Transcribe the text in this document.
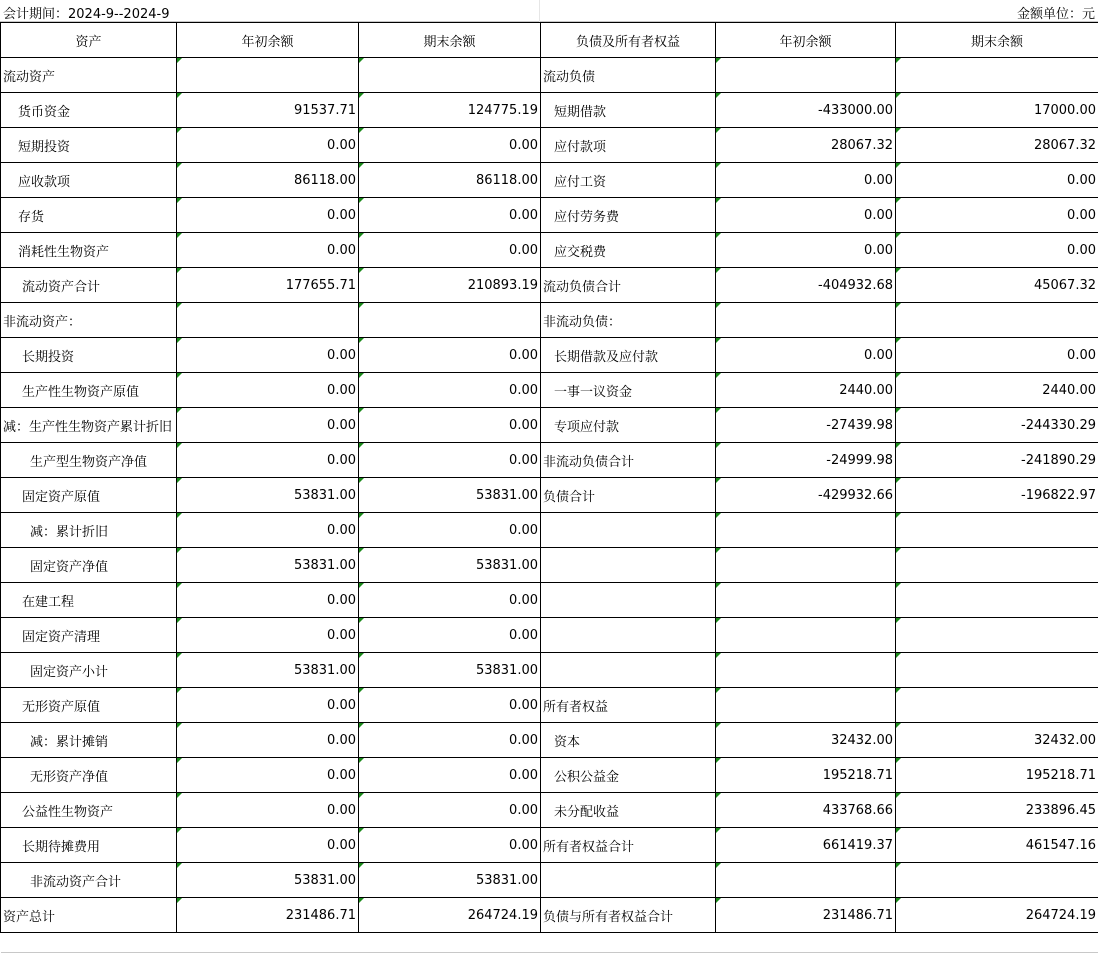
会计期间：2024-9--2024-9	金额单位：元
资产	年初余额	期末余额	负债及所有者权益	年初余额	期末余额
流动资产			流动负债		
货币资金	91537.71	124775.19	短期借款	-433000.00	17000.00
短期投资	0.00	0.00	应付款项	28067.32	28067.32
应收款项	86118.00	86118.00	应付工资	0.00	0.00
存货	0.00	0.00	应付劳务费	0.00	0.00
消耗性生物资产	0.00	0.00	应交税费	0.00	0.00
流动资产合计	177655.71	210893.19	流动负债合计	-404932.68	45067.32
非流动资产：			非流动负债：		
长期投资	0.00	0.00	长期借款及应付款	0.00	0.00
生产性生物资产原值	0.00	0.00	一事一议资金	2440.00	2440.00
减：生产性生物资产累计折旧	0.00	0.00	专项应付款	-27439.98	-244330.29
生产型生物资产净值	0.00	0.00	非流动负债合计	-24999.98	-241890.29
固定资产原值	53831.00	53831.00	负债合计	-429932.66	-196822.97
减：累计折旧	0.00	0.00			
固定资产净值	53831.00	53831.00			
在建工程	0.00	0.00			
固定资产清理	0.00	0.00			
固定资产小计	53831.00	53831.00			
无形资产原值	0.00	0.00	所有者权益		
减：累计摊销	0.00	0.00	资本	32432.00	32432.00
无形资产净值	0.00	0.00	公积公益金	195218.71	195218.71
公益性生物资产	0.00	0.00	未分配收益	433768.66	233896.45
长期待摊费用	0.00	0.00	所有者权益合计	661419.37	461547.16
非流动资产合计	53831.00	53831.00			
资产总计	231486.71	264724.19	负债与所有者权益合计	231486.71	264724.19
